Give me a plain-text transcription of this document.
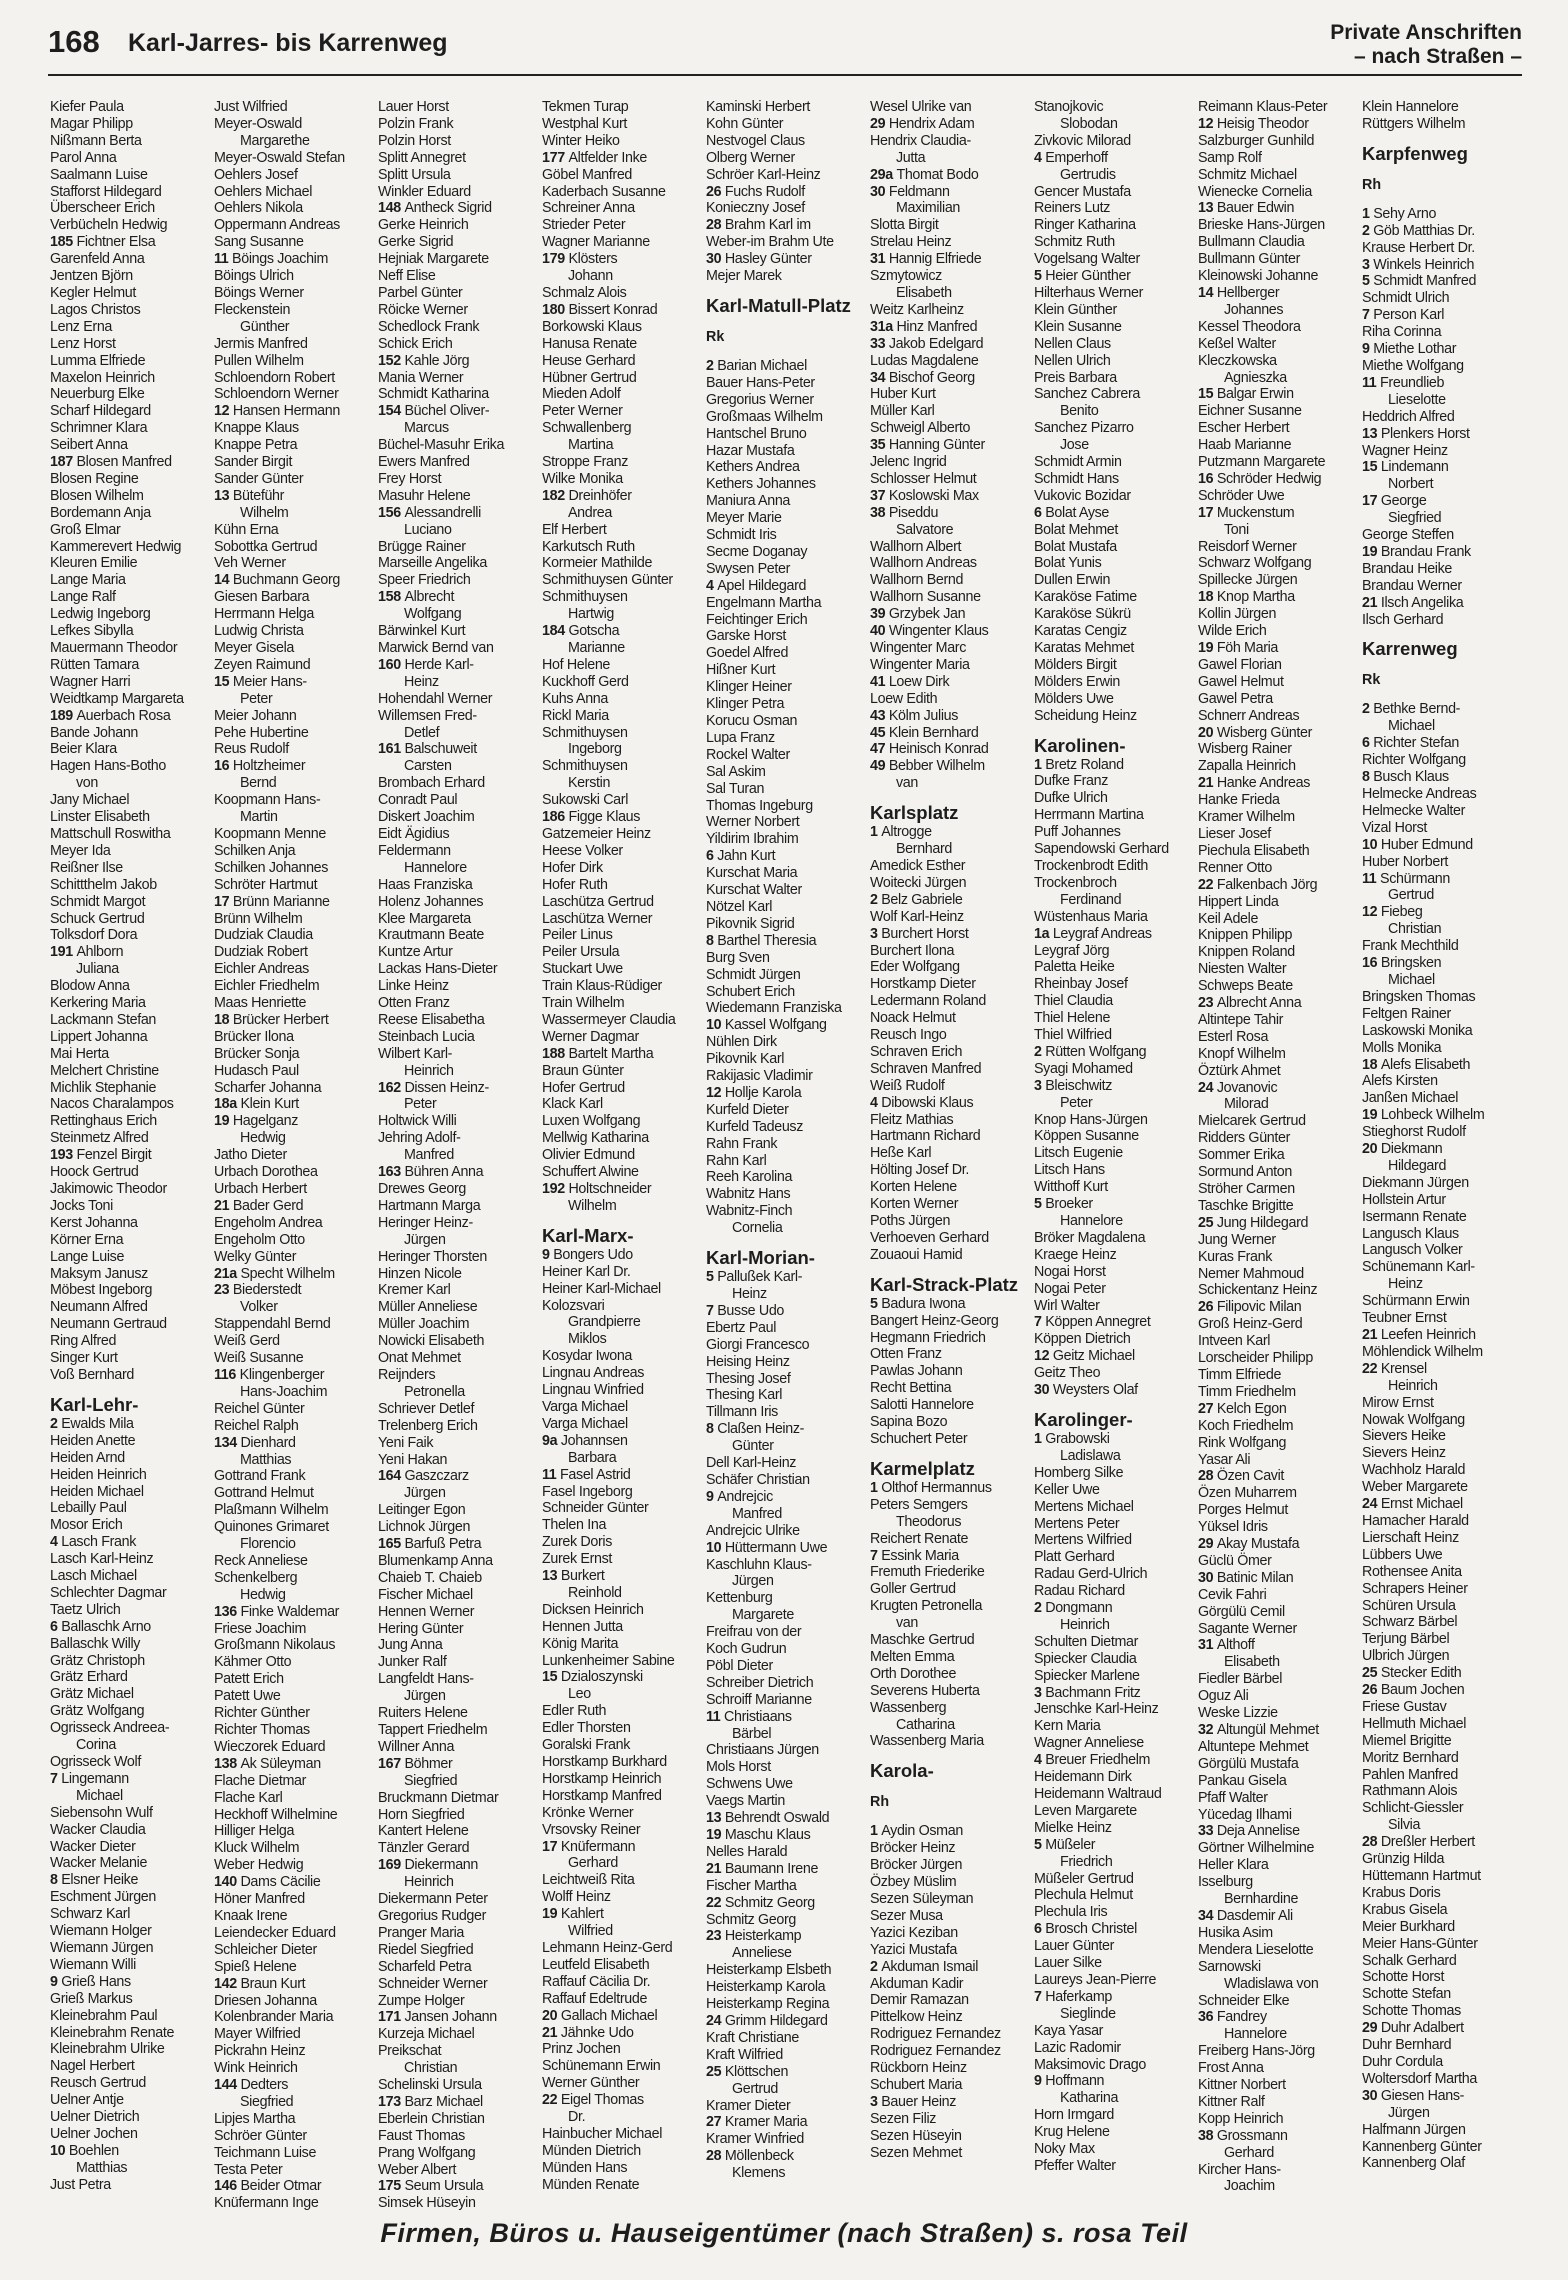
168 Karl-Jarres- bis Karrenweg	Private Anschriften
– nach Straßen –
Kiefer Paula
Magar Philipp
Nißmann Berta
Parol Anna
Saalmann Luise
Stafforst Hildegard
Überscheer Erich
Verbücheln Hedwig
185 Fichtner Elsa
Garenfeld Anna
Jentzen Björn
Kegler Helmut
Lagos Christos
Lenz Erna
Lenz Horst
Lumma Elfriede
Maxelon Heinrich
Neuerburg Elke
Scharf Hildegard
Schrimner Klara
Seibert Anna
187 Blosen Manfred
Blosen Regine
Blosen Wilhelm
Bordemann Anja
Groß Elmar
Kammerevert Hedwig
Kleuren Emilie
Lange Maria
Lange Ralf
Ledwig Ingeborg
Lefkes Sibylla
Mauermann Theodor
Rütten Tamara
Wagner Harri
Weidtkamp Margareta
189 Auerbach Rosa
Bande Johann
Beier Klara
Hagen Hans-Botho
von
Jany Michael
Linster Elisabeth
Mattschull Roswitha
Meyer Ida
Reißner Ilse
Schittthelm Jakob
Schmidt Margot
Schuck Gertrud
Tolksdorf Dora
191 Ahlborn
Juliana
Blodow Anna
Kerkering Maria
Lackmann Stefan
Lippert Johanna
Mai Herta
Melchert Christine
Michlik Stephanie
Nacos Charalampos
Rettinghaus Erich
Steinmetz Alfred
193 Fenzel Birgit
Hoock Gertrud
Jakimowic Theodor
Jocks Toni
Kerst Johanna
Körner Erna
Lange Luise
Maksym Janusz
Möbest Ingeborg
Neumann Alfred
Neumann Gertraud
Ring Alfred
Singer Kurt
Voß Bernhard
Karl-Lehr-
2 Ewalds Mila
Heiden Anette
Heiden Arnd
Heiden Heinrich
Heiden Michael
Lebailly Paul
Mosor Erich
4 Lasch Frank
Lasch Karl-Heinz
Lasch Michael
Schlechter Dagmar
Taetz Ulrich
6 Ballaschk Arno
Ballaschk Willy
Grätz Christoph
Grätz Erhard
Grätz Michael
Grätz Wolfgang
Ogrisseck Andreea-
Corina
Ogrisseck Wolf
7 Lingemann
Michael
Siebensohn Wulf
Wacker Claudia
Wacker Dieter
Wacker Melanie
8 Elsner Heike
Eschment Jürgen
Schwarz Karl
Wiemann Holger
Wiemann Jürgen
Wiemann Willi
9 Grieß Hans
Grieß Markus
Kleinebrahm Paul
Kleinebrahm Renate
Kleinebrahm Ulrike
Nagel Herbert
Reusch Gertrud
Uelner Antje
Uelner Dietrich
Uelner Jochen
10 Boehlen
Matthias
Just Petra
Just Wilfried
Meyer-Oswald
Margarethe
Meyer-Oswald Stefan
Oehlers Josef
Oehlers Michael
Oehlers Nikola
Oppermann Andreas
Sang Susanne
11 Böings Joachim
Böings Ulrich
Böings Werner
Fleckenstein
Günther
Jermis Manfred
Pullen Wilhelm
Schloendorn Robert
Schloendorn Werner
12 Hansen Hermann
Knappe Klaus
Knappe Petra
Sander Birgit
Sander Günter
13 Büteführ
Wilhelm
Kühn Erna
Sobottka Gertrud
Veh Werner
14 Buchmann Georg
Giesen Barbara
Herrmann Helga
Ludwig Christa
Meyer Gisela
Zeyen Raimund
15 Meier Hans-
Peter
Meier Johann
Pehe Hubertine
Reus Rudolf
16 Holtzheimer
Bernd
Koopmann Hans-
Martin
Koopmann Menne
Schilken Anja
Schilken Johannes
Schröter Hartmut
17 Brünn Marianne
Brünn Wilhelm
Dudziak Claudia
Dudziak Robert
Eichler Andreas
Eichler Friedhelm
Maas Henriette
18 Brücker Herbert
Brücker Ilona
Brücker Sonja
Hudasch Paul
Scharfer Johanna
18a Klein Kurt
19 Hagelganz
Hedwig
Jatho Dieter
Urbach Dorothea
Urbach Herbert
21 Bader Gerd
Engeholm Andrea
Engeholm Otto
Welky Günter
21a Specht Wilhelm
23 Biederstedt
Volker
Stappendahl Bernd
Weiß Gerd
Weiß Susanne
116 Klingenberger
Hans-Joachim
Reichel Günter
Reichel Ralph
134 Dienhard
Matthias
Gottrand Frank
Gottrand Helmut
Plaßmann Wilhelm
Quinones Grimaret
Florencio
Reck Anneliese
Schenkelberg
Hedwig
136 Finke Waldemar
Friese Joachim
Großmann Nikolaus
Kähmer Otto
Patett Erich
Patett Uwe
Richter Günther
Richter Thomas
Wieczorek Eduard
138 Ak Süleyman
Flache Dietmar
Flache Karl
Heckhoff Wilhelmine
Hilliger Helga
Kluck Wilhelm
Weber Hedwig
140 Dams Cäcilie
Höner Manfred
Knaak Irene
Leiendecker Eduard
Schleicher Dieter
Spieß Helene
142 Braun Kurt
Driesen Johanna
Kolenbrander Maria
Mayer Wilfried
Pickrahn Heinz
Wink Heinrich
144 Dedters
Siegfried
Lipjes Martha
Schröer Günter
Teichmann Luise
Testa Peter
146 Beider Otmar
Knüfermann Inge
Lauer Horst
Polzin Frank
Polzin Horst
Splitt Annegret
Splitt Ursula
Winkler Eduard
148 Antheck Sigrid
Gerke Heinrich
Gerke Sigrid
Hejniak Margarete
Neff Elise
Parbel Günter
Röicke Werner
Schedlock Frank
Schick Erich
152 Kahle Jörg
Mania Werner
Schmidt Katharina
154 Büchel Oliver-
Marcus
Büchel-Masuhr Erika
Ewers Manfred
Frey Horst
Masuhr Helene
156 Alessandrelli
Luciano
Brügge Rainer
Marseille Angelika
Speer Friedrich
158 Albrecht
Wolfgang
Bärwinkel Kurt
Marwick Bernd van
160 Herde Karl-
Heinz
Hohendahl Werner
Willemsen Fred-
Detlef
161 Balschuweit
Carsten
Brombach Erhard
Conradt Paul
Diskert Joachim
Eidt Ägidius
Feldermann
Hannelore
Haas Franziska
Holenz Johannes
Klee Margareta
Krautmann Beate
Kuntze Artur
Lackas Hans-Dieter
Linke Heinz
Otten Franz
Reese Elisabetha
Steinbach Lucia
Wilbert Karl-
Heinrich
162 Dissen Heinz-
Peter
Holtwick Willi
Jehring Adolf-
Manfred
163 Bühren Anna
Drewes Georg
Hartmann Marga
Heringer Heinz-
Jürgen
Heringer Thorsten
Hinzen Nicole
Kremer Karl
Müller Anneliese
Müller Joachim
Nowicki Elisabeth
Onat Mehmet
Reijnders
Petronella
Schriever Detlef
Trelenberg Erich
Yeni Faik
Yeni Hakan
164 Gaszczarz
Jürgen
Leitinger Egon
Lichnok Jürgen
165 Barfuß Petra
Blumenkamp Anna
Chaieb T. Chaieb
Fischer Michael
Hennen Werner
Hering Günter
Jung Anna
Junker Ralf
Langfeldt Hans-
Jürgen
Ruiters Helene
Tappert Friedhelm
Willner Anna
167 Böhmer
Siegfried
Bruckmann Dietmar
Horn Siegfried
Kantert Helene
Tänzler Gerard
169 Diekermann
Heinrich
Diekermann Peter
Gregorius Rudger
Pranger Maria
Riedel Siegfried
Scharfeld Petra
Schneider Werner
Zumpe Holger
171 Jansen Johann
Kurzeja Michael
Preikschat
Christian
Schelinski Ursula
173 Barz Michael
Eberlein Christian
Faust Thomas
Prang Wolfgang
Weber Albert
175 Seum Ursula
Simsek Hüseyin
Tekmen Turap
Westphal Kurt
Winter Heiko
177 Altfelder Inke
Göbel Manfred
Kaderbach Susanne
Schreiner Anna
Strieder Peter
Wagner Marianne
179 Klösters
Johann
Schmalz Alois
180 Bissert Konrad
Borkowski Klaus
Hanusa Renate
Heuse Gerhard
Hübner Gertrud
Mieden Adolf
Peter Werner
Schwallenberg
Martina
Stroppe Franz
Wilke Monika
182 Dreinhöfer
Andrea
Elf Herbert
Karkutsch Ruth
Kormeier Mathilde
Schmithuysen Günter
Schmithuysen
Hartwig
184 Gotscha
Marianne
Hof Helene
Kuckhoff Gerd
Kuhs Anna
Rickl Maria
Schmithuysen
Ingeborg
Schmithuysen
Kerstin
Sukowski Carl
186 Figge Klaus
Gatzemeier Heinz
Heese Volker
Hofer Dirk
Hofer Ruth
Laschütza Gertrud
Laschütza Werner
Peiler Linus
Peiler Ursula
Stuckart Uwe
Train Klaus-Rüdiger
Train Wilhelm
Wassermeyer Claudia
Werner Dagmar
188 Bartelt Martha
Braun Günter
Hofer Gertrud
Klack Karl
Luxen Wolfgang
Mellwig Katharina
Olivier Edmund
Schuffert Alwine
192 Holtschneider
Wilhelm
Karl-Marx-
9 Bongers Udo
Heiner Karl Dr.
Heiner Karl-Michael
Kolozsvari
Grandpierre
Miklos
Kosydar Iwona
Lingnau Andreas
Lingnau Winfried
Varga Michael
Varga Michael
9a Johannsen
Barbara
11 Fasel Astrid
Fasel Ingeborg
Schneider Günter
Thelen Ina
Zurek Doris
Zurek Ernst
13 Burkert
Reinhold
Dicksen Heinrich
Hennen Jutta
König Marita
Lunkenheimer Sabine
15 Dzialoszynski
Leo
Edler Ruth
Edler Thorsten
Goralski Frank
Horstkamp Burkhard
Horstkamp Heinrich
Horstkamp Manfred
Krönke Werner
Vrsovsky Reiner
17 Knüfermann
Gerhard
Leichtweiß Rita
Wolff Heinz
19 Kahlert
Wilfried
Lehmann Heinz-Gerd
Leutfeld Elisabeth
Raffauf Cäcilia Dr.
Raffauf Edeltrude
20 Gallach Michael
21 Jähnke Udo
Prinz Jochen
Schünemann Erwin
Werner Günther
22 Eigel Thomas
Dr.
Hainbucher Michael
Münden Dietrich
Münden Hans
Münden Renate
Kaminski Herbert
Kohn Günter
Nestvogel Claus
Olberg Werner
Schröer Karl-Heinz
26 Fuchs Rudolf
Konieczny Josef
28 Brahm Karl im
Weber-im Brahm Ute
30 Hasley Günter
Mejer Marek
Karl-Matull-Platz
Rk
2 Barian Michael
Bauer Hans-Peter
Gregorius Werner
Großmaas Wilhelm
Hantschel Bruno
Hazar Mustafa
Kethers Andrea
Kethers Johannes
Maniura Anna
Meyer Marie
Schmidt Iris
Secme Doganay
Swysen Peter
4 Apel Hildegard
Engelmann Martha
Feichtinger Erich
Garske Horst
Goedel Alfred
Hißner Kurt
Klinger Heiner
Klinger Petra
Korucu Osman
Lupa Franz
Rockel Walter
Sal Askim
Sal Turan
Thomas Ingeburg
Werner Norbert
Yildirim Ibrahim
6 Jahn Kurt
Kurschat Maria
Kurschat Walter
Nötzel Karl
Pikovnik Sigrid
8 Barthel Theresia
Burg Sven
Schmidt Jürgen
Schubert Erich
Wiedemann Franziska
10 Kassel Wolfgang
Nühlen Dirk
Pikovnik Karl
Rakijasic Vladimir
12 Hollje Karola
Kurfeld Dieter
Kurfeld Tadeusz
Rahn Frank
Rahn Karl
Reeh Karolina
Wabnitz Hans
Wabnitz-Finch
Cornelia
Karl-Morian-
5 Pallußek Karl-
Heinz
7 Busse Udo
Ebertz Paul
Giorgi Francesco
Heising Heinz
Thesing Josef
Thesing Karl
Tillmann Iris
8 Claßen Heinz-
Günter
Dell Karl-Heinz
Schäfer Christian
9 Andrejcic
Manfred
Andrejcic Ulrike
10 Hüttermann Uwe
Kaschluhn Klaus-
Jürgen
Kettenburg
Margarete
Freifrau von der
Koch Gudrun
Pöbl Dieter
Schreiber Dietrich
Schroiff Marianne
11 Christiaans
Bärbel
Christiaans Jürgen
Mols Horst
Schwens Uwe
Vaegs Martin
13 Behrendt Oswald
19 Maschu Klaus
Nelles Harald
21 Baumann Irene
Fischer Martha
22 Schmitz Georg
Schmitz Georg
23 Heisterkamp
Anneliese
Heisterkamp Elsbeth
Heisterkamp Karola
Heisterkamp Regina
24 Grimm Hildegard
Kraft Christiane
Kraft Wilfried
25 Klöttschen
Gertrud
Kramer Dieter
27 Kramer Maria
Kramer Winfried
28 Möllenbeck
Klemens
Wesel Ulrike van
29 Hendrix Adam
Hendrix Claudia-
Jutta
29a Thomat Bodo
30 Feldmann
Maximilian
Slotta Birgit
Strelau Heinz
31 Hannig Elfriede
Szmytowicz
Elisabeth
Weitz Karlheinz
31a Hinz Manfred
33 Jakob Edelgard
Ludas Magdalene
34 Bischof Georg
Huber Kurt
Müller Karl
Schweigl Alberto
35 Hanning Günter
Jelenc Ingrid
Schlosser Helmut
37 Koslowski Max
38 Piseddu
Salvatore
Wallhorn Albert
Wallhorn Andreas
Wallhorn Bernd
Wallhorn Susanne
39 Grzybek Jan
40 Wingenter Klaus
Wingenter Marc
Wingenter Maria
41 Loew Dirk
Loew Edith
43 Kölm Julius
45 Klein Bernhard
47 Heinisch Konrad
49 Bebber Wilhelm
van
Karlsplatz
1 Altrogge
Bernhard
Amedick Esther
Woitecki Jürgen
2 Belz Gabriele
Wolf Karl-Heinz
3 Burchert Horst
Burchert Ilona
Eder Wolfgang
Horstkamp Dieter
Ledermann Roland
Noack Helmut
Reusch Ingo
Schraven Erich
Schraven Manfred
Weiß Rudolf
4 Dibowski Klaus
Fleitz Mathias
Hartmann Richard
Heße Karl
Hölting Josef Dr.
Korten Helene
Korten Werner
Poths Jürgen
Verhoeven Gerhard
Zouaoui Hamid
Karl-Strack-Platz
5 Badura Iwona
Bangert Heinz-Georg
Hegmann Friedrich
Otten Franz
Pawlas Johann
Recht Bettina
Salotti Hannelore
Sapina Bozo
Schuchert Peter
Karmelplatz
1 Olthof Hermannus
Peters Semgers
Theodorus
Reichert Renate
7 Essink Maria
Fremuth Friederike
Goller Gertrud
Krugten Petronella
van
Maschke Gertrud
Melten Emma
Orth Dorothee
Severens Huberta
Wassenberg
Catharina
Wassenberg Maria
Karola-
Rh
1 Aydin Osman
Bröcker Heinz
Bröcker Jürgen
Özbey Müslim
Sezen Süleyman
Sezer Musa
Yazici Keziban
Yazici Mustafa
2 Akduman Ismail
Akduman Kadir
Demir Ramazan
Pittelkow Heinz
Rodriguez Fernandez
Rodriguez Fernandez
Rückborn Heinz
Schubert Maria
3 Bauer Heinz
Sezen Filiz
Sezen Hüseyin
Sezen Mehmet
Stanojkovic
Slobodan
Zivkovic Milorad
4 Emperhoff
Gertrudis
Gencer Mustafa
Reiners Lutz
Ringer Katharina
Schmitz Ruth
Vogelsang Walter
5 Heier Günther
Hilterhaus Werner
Klein Günther
Klein Susanne
Nellen Claus
Nellen Ulrich
Preis Barbara
Sanchez Cabrera
Benito
Sanchez Pizarro
Jose
Schmidt Armin
Schmidt Hans
Vukovic Bozidar
6 Bolat Ayse
Bolat Mehmet
Bolat Mustafa
Bolat Yunis
Dullen Erwin
Karaköse Fatime
Karaköse Sükrü
Karatas Cengiz
Karatas Mehmet
Mölders Birgit
Mölders Erwin
Mölders Uwe
Scheidung Heinz
Karolinen-
1 Bretz Roland
Dufke Franz
Dufke Ulrich
Herrmann Martina
Puff Johannes
Sapendowski Gerhard
Trockenbrodt Edith
Trockenbroch
Ferdinand
Wüstenhaus Maria
1a Leygraf Andreas
Leygraf Jörg
Paletta Heike
Rheinbay Josef
Thiel Claudia
Thiel Helene
Thiel Wilfried
2 Rütten Wolfgang
Syagi Mohamed
3 Bleischwitz
Peter
Knop Hans-Jürgen
Köppen Susanne
Litsch Eugenie
Litsch Hans
Witthoff Kurt
5 Broeker
Hannelore
Bröker Magdalena
Kraege Heinz
Nogai Horst
Nogai Peter
Wirl Walter
7 Köppen Annegret
Köppen Dietrich
12 Geitz Michael
Geitz Theo
30 Weysters Olaf
Karolinger-
1 Grabowski
Ladislawa
Homberg Silke
Keller Uwe
Mertens Michael
Mertens Peter
Mertens Wilfried
Platt Gerhard
Radau Gerd-Ulrich
Radau Richard
2 Dongmann
Heinrich
Schulten Dietmar
Spiecker Claudia
Spiecker Marlene
3 Bachmann Fritz
Jenschke Karl-Heinz
Kern Maria
Wagner Anneliese
4 Breuer Friedhelm
Heidemann Dirk
Heidemann Waltraud
Leven Margarete
Mielke Heinz
5 Müßeler
Friedrich
Müßeler Gertrud
Plechula Helmut
Plechula Iris
6 Brosch Christel
Lauer Günter
Lauer Silke
Laureys Jean-Pierre
7 Haferkamp
Sieglinde
Kaya Yasar
Lazic Radomir
Maksimovic Drago
9 Hoffmann
Katharina
Horn Irmgard
Krug Helene
Noky Max
Pfeffer Walter
Reimann Klaus-Peter
12 Heisig Theodor
Salzburger Gunhild
Samp Rolf
Schmitz Michael
Wienecke Cornelia
13 Bauer Edwin
Brieske Hans-Jürgen
Bullmann Claudia
Bullmann Günter
Kleinowski Johanne
14 Hellberger
Johannes
Kessel Theodora
Keßel Walter
Kleczkowska
Agnieszka
15 Balgar Erwin
Eichner Susanne
Escher Herbert
Haab Marianne
Putzmann Margarete
16 Schröder Hedwig
Schröder Uwe
17 Muckenstum
Toni
Reisdorf Werner
Schwarz Wolfgang
Spillecke Jürgen
18 Knop Martha
Kollin Jürgen
Wilde Erich
19 Föh Maria
Gawel Florian
Gawel Helmut
Gawel Petra
Schnerr Andreas
20 Wisberg Günter
Wisberg Rainer
Zapalla Heinrich
21 Hanke Andreas
Hanke Frieda
Kramer Wilhelm
Lieser Josef
Piechula Elisabeth
Renner Otto
22 Falkenbach Jörg
Hippert Linda
Keil Adele
Knippen Philipp
Knippen Roland
Niesten Walter
Schweps Beate
23 Albrecht Anna
Altintepe Tahir
Esterl Rosa
Knopf Wilhelm
Öztürk Ahmet
24 Jovanovic
Milorad
Mielcarek Gertrud
Ridders Günter
Sommer Erika
Sormund Anton
Ströher Carmen
Taschke Brigitte
25 Jung Hildegard
Jung Werner
Kuras Frank
Nemer Mahmoud
Schickentanz Heinz
26 Filipovic Milan
Groß Heinz-Gerd
Intveen Karl
Lorscheider Philipp
Timm Elfriede
Timm Friedhelm
27 Kelch Egon
Koch Friedhelm
Rink Wolfgang
Yasar Ali
28 Özen Cavit
Özen Muharrem
Porges Helmut
Yüksel Idris
29 Akay Mustafa
Güclü Ömer
30 Batinic Milan
Cevik Fahri
Görgülü Cemil
Sagante Werner
31 Althoff
Elisabeth
Fiedler Bärbel
Oguz Ali
Weske Lizzie
32 Altungül Mehmet
Altuntepe Mehmet
Görgülü Mustafa
Pankau Gisela
Pfaff Walter
Yücedag Ilhami
33 Deja Annelise
Görtner Wilhelmine
Heller Klara
Isselburg
Bernhardine
34 Dasdemir Ali
Husika Asim
Mendera Lieselotte
Sarnowski
Wladislawa von
Schneider Elke
36 Fandrey
Hannelore
Freiberg Hans-Jörg
Frost Anna
Kittner Norbert
Kittner Ralf
Kopp Heinrich
38 Grossmann
Gerhard
Kircher Hans-
Joachim
Klein Hannelore
Rüttgers Wilhelm
Karpfenweg
Rh
1 Sehy Arno
2 Göb Matthias Dr.
Krause Herbert Dr.
3 Winkels Heinrich
5 Schmidt Manfred
Schmidt Ulrich
7 Person Karl
Riha Corinna
9 Miethe Lothar
Miethe Wolfgang
11 Freundlieb
Lieselotte
Heddrich Alfred
13 Plenkers Horst
Wagner Heinz
15 Lindemann
Norbert
17 George
Siegfried
George Steffen
19 Brandau Frank
Brandau Heike
Brandau Werner
21 Ilsch Angelika
Ilsch Gerhard
Karrenweg
Rk
2 Bethke Bernd-
Michael
6 Richter Stefan
Richter Wolfgang
8 Busch Klaus
Helmecke Andreas
Helmecke Walter
Vizal Horst
10 Huber Edmund
Huber Norbert
11 Schürmann
Gertrud
12 Fiebeg
Christian
Frank Mechthild
16 Bringsken
Michael
Bringsken Thomas
Feltgen Rainer
Laskowski Monika
Molls Monika
18 Alefs Elisabeth
Alefs Kirsten
Janßen Michael
19 Lohbeck Wilhelm
Stieghorst Rudolf
20 Diekmann
Hildegard
Diekmann Jürgen
Hollstein Artur
Isermann Renate
Langusch Klaus
Langusch Volker
Schünemann Karl-
Heinz
Schürmann Erwin
Teubner Ernst
21 Leefen Heinrich
Möhlendick Wilhelm
22 Krensel
Heinrich
Mirow Ernst
Nowak Wolfgang
Sievers Heike
Sievers Heinz
Wachholz Harald
Weber Margarete
24 Ernst Michael
Hamacher Harald
Lierschaft Heinz
Lübbers Uwe
Rothensee Anita
Schrapers Heiner
Schüren Ursula
Schwarz Bärbel
Terjung Bärbel
Ulbrich Jürgen
25 Stecker Edith
26 Baum Jochen
Friese Gustav
Hellmuth Michael
Miemel Brigitte
Moritz Bernhard
Pahlen Manfred
Rathmann Alois
Schlicht-Giessler
Silvia
28 Dreßler Herbert
Grünzig Hilda
Hüttemann Hartmut
Krabus Doris
Krabus Gisela
Meier Burkhard
Meier Hans-Günter
Schalk Gerhard
Schotte Horst
Schotte Stefan
Schotte Thomas
29 Duhr Adalbert
Duhr Bernhard
Duhr Cordula
Woltersdorf Martha
30 Giesen Hans-
Jürgen
Halfmann Jürgen
Kannenberg Günter
Kannenberg Olaf
Firmen, Büros u. Hauseigentümer (nach Straßen) s. rosa Teil
